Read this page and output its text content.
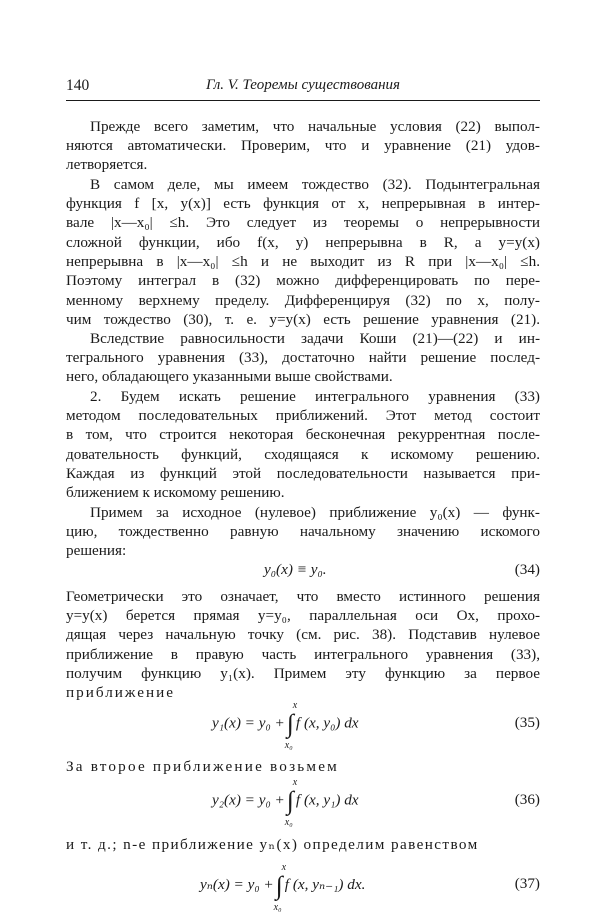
140	Гл. V. Теоремы существования
Прежде всего заметим, что начальные условия (22) выпол-
няются автоматически. Проверим, что и уравнение (21) удов-
летворяется.
В самом деле, мы имеем тождество (32). Подынтегральная
функция f [x, y(x)] есть функция от x, непрерывная в интер-
вале |x—x₀| ≤h. Это следует из теоремы о непрерывности
сложной функции, ибо f(x, y) непрерывна в R, а y=y(x)
непрерывна в |x—x₀| ≤h и не выходит из R при |x—x₀| ≤h.
Поэтому интеграл в (32) можно дифференцировать по пере-
менному верхнему пределу. Дифференцируя (32) по x, полу-
чим тождество (30), т. е. y=y(x) есть решение уравнения (21).
Вследствие равносильности задачи Коши (21)—(22) и ин-
тегрального уравнения (33), достаточно найти решение послед-
него, обладающего указанными выше свойствами.
2. Будем искать решение интегрального уравнения (33)
методом последовательных приближений. Этот метод состоит
в том, что строится некоторая бесконечная рекуррентная после-
довательность функций, сходящаяся к искомому решению.
Каждая из функций этой последовательности называется при-
ближением к искомому решению.
Примем за исходное (нулевое) приближение y₀(x) — функ-
цию, тождественно равную начальному значению искомого
решения:
y₀(x) ≡ y₀.	(34)
Геометрически это означает, что вместо истинного решения
y=y(x) берется прямая y=y₀, параллельная оси Ox, прохо-
дящая через начальную точку (см. рис. 38). Подставив нулевое
приближение в правую часть интегрального уравнения (33),
получим функцию y₁(x). Примем эту функцию за первое
приближение
y₁(x) = y₀ +∫
x
x₀
f (x, y₀) dx	(35)
За второе приближение возьмем
y₂(x) = y₀ +∫
x
x₀
f (x, y₁) dx	(36)
и т. д.; n-е приближение yₙ(x) определим равенством
yₙ(x) = y₀ +∫
x
x₀
f (x, yₙ₋₁) dx.	(37)
